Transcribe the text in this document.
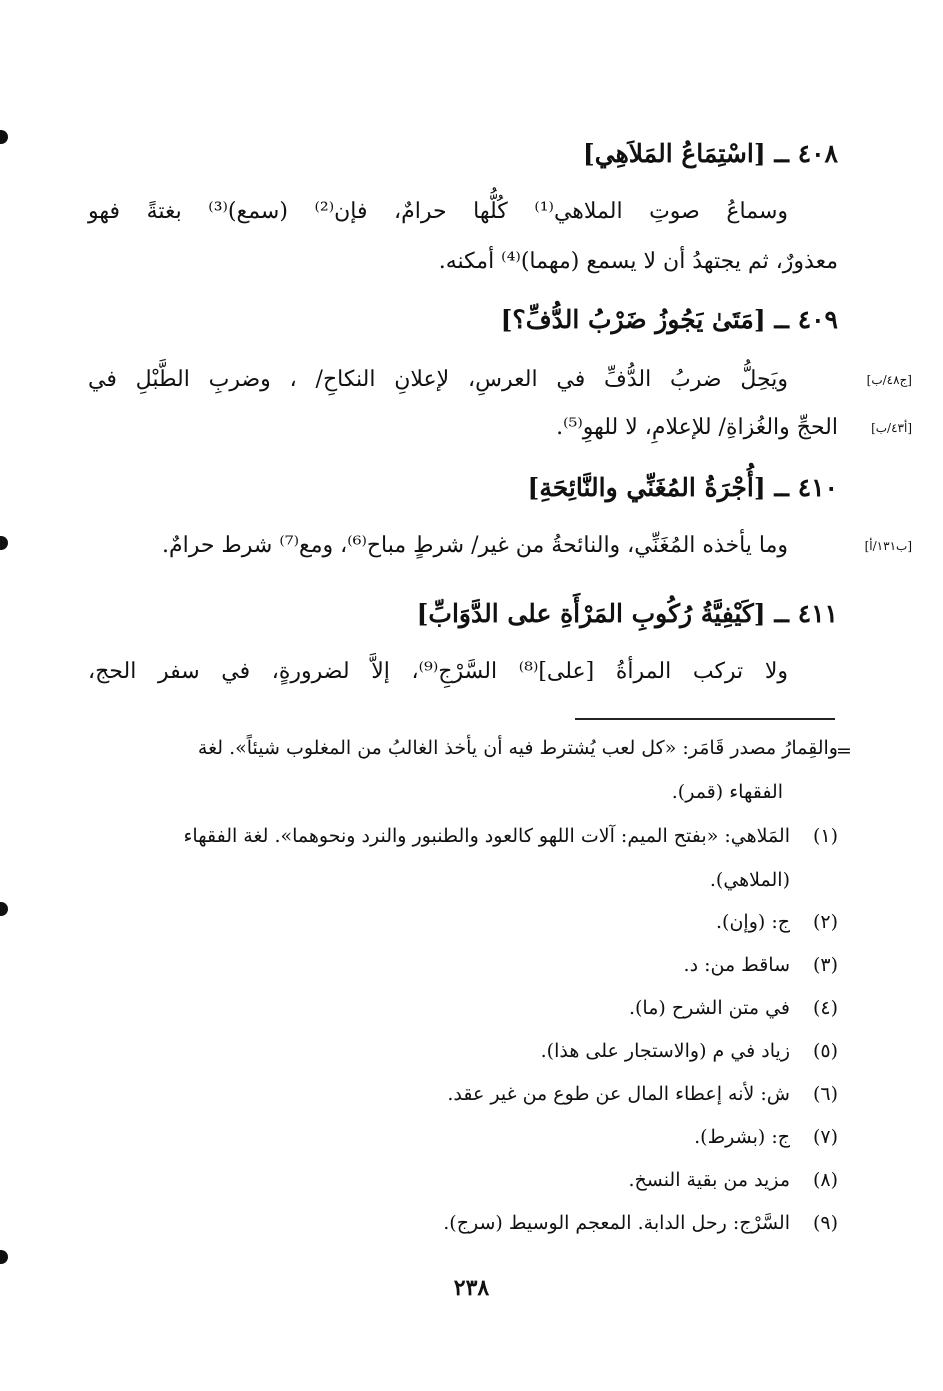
٤٠٨ ــ [اسْتِمَاعُ المَلاَهِي]
وسماعُ صوتِ الملاهي⁽¹⁾ كُلُّها حرامٌ، فإن⁽²⁾ (سمع)⁽³⁾ بغتةً فهو
معذورٌ، ثم يجتهدُ أن لا يسمع (مهما)⁽⁴⁾ أمكنه.
٤٠٩ ــ [مَتَىٰ يَجُوزُ ضَرْبُ الدُّفِّ؟]
ويَحِلُّ ضربُ الدُّفِّ في العرسِ، لإعلانِ النكاحِ/ ، وضربِ الطَّبْلِ في	[ج٤٨/ب]
الحجِّ والغُزاةِ/ للإعلامِ، لا للهوِ⁽⁵⁾.	[أ٤٣/ب]
٤١٠ ــ [أُجْرَةُ المُغَنِّي والنَّائِحَةِ]
وما يأخذه المُغَنِّي، والنائحةُ من غير/ شرطٍ مباح⁽⁶⁾، ومع⁽⁷⁾ شرط حرامٌ.	[ب١٣١/أ]
٤١١ ــ [كَيْفِيَّةُ رُكُوبِ المَرْأَةِ على الدَّوَابِّ]
ولا تركب المرأةُ [على]⁽⁸⁾ السَّرْجِ⁽⁹⁾، إلاَّ لضرورةٍ، في سفر الحج،
=
والقِمارُ مصدر قَامَر: «كل لعب يُشترط فيه أن يأخذ الغالبُ من المغلوب شيئاً». لغة
الفقهاء (قمر).
(١)المَلاهي: «بفتح الميم: آلات اللهو كالعود والطنبور والنرد ونحوهما». لغة الفقهاء
(الملاهي).
(٢)ج: (وإن).
(٣)ساقط من: د.
(٤)في متن الشرح (ما).
(٥)زياد في م (والاستجار على هذا).
(٦)ش: لأنه إعطاء المال عن طوع من غير عقد.
(٧)ج: (بشرط).
(٨)مزيد من بقية النسخ.
(٩)السَّرْج: رحل الدابة. المعجم الوسيط (سرج).
٢٣٨
